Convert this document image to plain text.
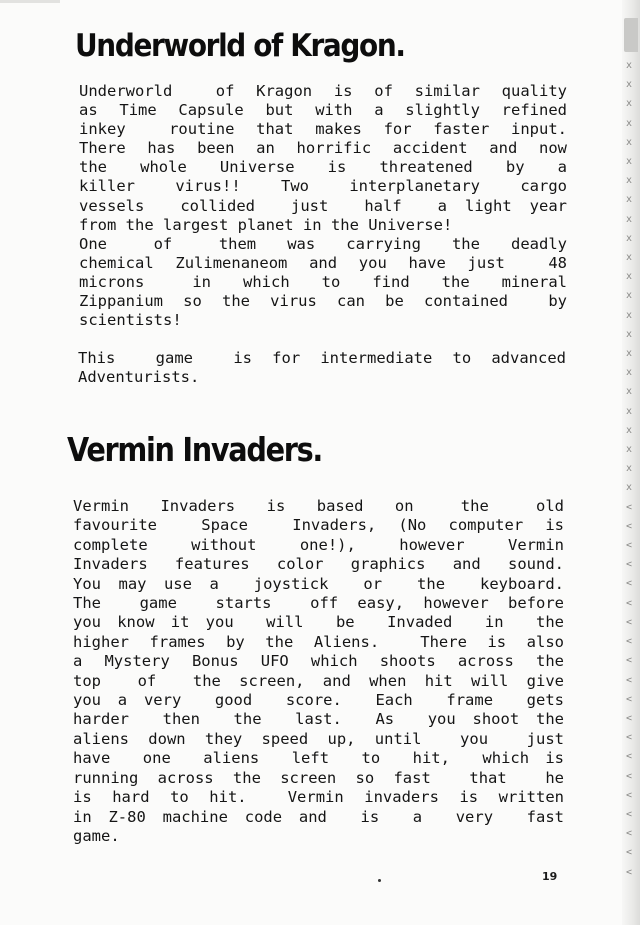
Underworld of Kragon.
Underworld  of Kragon is of similar quality
as Time Capsule but with a slightly refined
inkey  routine that makes for faster input.
There has been an horrific accident and now
the  whole  Universe  is  threatened  by  a
killer  virus!!  Two  interplanetary  cargo
vessels  collided  just  half  a light year
from the largest planet in the Universe!
One   of   them  was  carrying  the  deadly
chemical Zulimenaneom and you have just  48
microns   in  which  to  find  the  mineral
Zippanium so the virus can be contained  by
scientists!
This  game  is for intermediate to advanced
Adventurists.
Vermin Invaders.
Vermin  Invaders  is  based  on   the   old
favourite  Space  Invaders, (No computer is
complete  without  one!),  however  Vermin
Invaders features color graphics and sound.
You may use a  joystick  or  the  keyboard.
The  game  starts  off easy, however before
you know it you  will  be  Invaded  in  the
higher frames by the Aliens.  There is also
a Mystery Bonus UFO which shoots across the
top  of  the screen, and when hit will give
you a very  good  score.  Each  frame  gets
harder  then  the  last.  As  you shoot the
aliens down they speed up, until  you  just
have  one  aliens  left  to  hit,  which is
running across the screen so fast  that  he
is hard to hit.  Vermin invaders is written
in Z-80 machine code and  is  a  very  fast
game.
19
x
x
x
x
x
x
x
x
x
x
x
x
x
x
x
x
x
x
x
x
x
x
x
<
<
<
<
<
<
<
<
<
<
<
<
<
<
<
<
<
<
<
<
